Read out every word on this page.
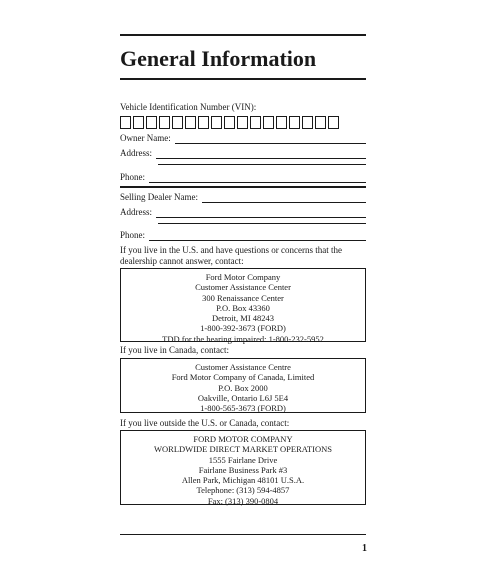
General Information
Vehicle Identification Number (VIN):
Owner Name:
Address:
Phone:
Selling Dealer Name:
Address:
Phone:
If you live in the U.S. and have questions or concerns that the
dealership cannot answer, contact:
Ford Motor Company
Customer Assistance Center
300 Renaissance Center
P.O. Box 43360
Detroit, MI 48243
1-800-392-3673 (FORD)
TDD for the hearing impaired: 1-800-232-5952
If you live in Canada, contact:
Customer Assistance Centre
Ford Motor Company of Canada, Limited
P.O. Box 2000
Oakville, Ontario L6J 5E4
1-800-565-3673 (FORD)
If you live outside the U.S. or Canada, contact:
FORD MOTOR COMPANY
WORLDWIDE DIRECT MARKET OPERATIONS
1555 Fairlane Drive
Fairlane Business Park #3
Allen Park, Michigan 48101 U.S.A.
Telephone: (313) 594-4857
Fax: (313) 390-0804
1
